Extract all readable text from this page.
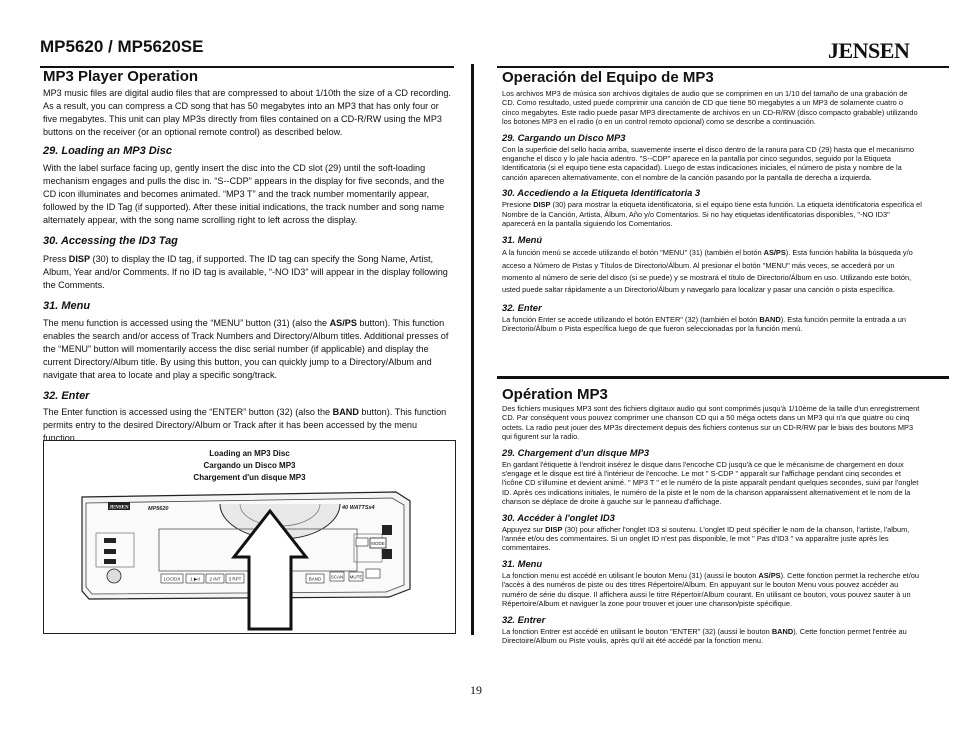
MP5620 / MP5620SE	JENSEN
MP3 Player Operation

MP3 music files are digital audio files that are compressed to about 1/10th the size of a CD recording. As a result, you can compress a CD song that has 50 megabytes into an MP3 that has only four or five megabytes. This unit can play MP3s directly from files contained on a CD-R/RW using the MP3 buttons on the receiver (or an optional remote control) as described below.

29. Loading an MP3 Disc

With the label surface facing up, gently insert the disc into the CD slot (29) until the soft-loading mechanism engages and pulls the disc in. “S--CDP” appears in the display for five seconds, and the CD icon illuminates and becomes animated. “MP3 T” and the track number momentarily appear, followed by the ID Tag (if supported). After these initial indications, the track number and song name alternately appear, with the song name scrolling right to left across the display.

30. Accessing the ID3 Tag

Press DISP (30) to display the ID tag, if supported. The ID tag can specify the Song Name, Artist, Album, Year and/or Comments. If no ID tag is available, “-NO ID3” will appear in the display following the Comments.

31. Menu

The menu function is accessed using the “MENU” button (31) (also the AS/PS button). This function enables the search and/or access of Track Numbers and Directory/Album titles. Additional presses of the “MENU” button will momentarily access the disc serial number (if applicable) and display the current Directory/Album title. By using this button, you can quickly jump to a Directory/Album and navigate that area to locate and play a specific song/track.

32. Enter

The Enter function is accessed using the “ENTER” button (32) (also the BAND button). This function permits entry to the desired Directory/Album or Track after it has been accessed by the menu function.

Loading an MP3 Disc
Cargando un Disco MP3
Chargement d'un disque MP3
JENSEN	MP5620	40 WATTSx4
LOC/DX 1 ▶II 2 INT 3 RPT	BAND SCAN MUTE
MODE
19
Operación del Equipo de MP3

Los archivos MP3 de música son archivos digitales de audio que se comprimen en un 1/10 del tamaño de una grabación de CD. Como resultado, usted puede comprimir una canción de CD que tiene 50 megabytes a un MP3 de solamente cuatro o cinco megabytes. Este radio puede pasar MP3 directamente de archivos en un CD-R/RW (disco compacto grabable) utilizando los botones MP3 en el radio (o en un control remoto opcional) como se describe a continuación.

29. Cargando un Disco MP3

Con la superficie del sello hacia arriba, suavemente inserte el disco dentro de la ranura para CD (29) hasta que el mecanismo enganche el disco y lo jale hacia adentro. "S--CDP" aparece en la pantalla por cinco segundos, seguido por la Etiqueta Identificatoria (si el equipo tiene esta capacidad). Luego de estas indicaciones iniciales, el número de pista y nombre de la canción aparecen alternativamente, con el nombre de la canción pasando por la pantalla de derecha a izquierda.

30. Accediendo a la Etiqueta Identificatoria 3

Presione DISP (30) para mostrar la etiqueta identificatoria, si el equipo tiene esta función. La etiqueta identificatoria especifica el Nombre de la Canción, Artista, Álbum, Año y/o Comentarios. Si no hay etiquetas identificatorias disponibles, "-NO ID3" aparecerá en la pantalla siguiendo los Comentarios.

31. Menú

A la función menú se accede utilizando el botón "MENU" (31) (también el botón AS/PS). Esta función habilita la búsqueda y/o acceso a Número de Pistas y Títulos de Directorio/Álbum. Al presionar el botón "MENU" más veces, se accederá por un momento al número de serie del disco (si se puede) y se mostrará el título de Directorio/Álbum en uso. Utilizando este botón, usted puede saltar rápidamente a un Directorio/Álbum y navegarlo para localizar y pasar una canción o pista específica.

32. Enter

La función Enter se accede utilizando el botón ENTER" (32) (también el botón BAND). Esta función permite la entrada a un Directorio/Álbum o Pista específica luego de que fueron seleccionadas por la función menú.

Opération MP3

Des fichiers musiques MP3 sont des fichiers digitaux audio qui sont comprimés jusqu'à 1/10ème de la taille d'un enregistrement CD. Par conséquent vous pouvez comprimer une chanson CD qui a 50 méga octets dans un MP3 qui n'a que quatre ou cinq octets. La radio peut jouer des MP3s directement depuis des fichiers contenus sur un CD-R/RW par le biais des boutons MP3 qui figurent sur la radio.

29. Chargement d'un disque MP3

En gardant l'étiquette à l'endroit insérez le disque dans l'encoche CD jusqu'à ce que le mécanisme de chargement en doux s'engage et le disque est tiré à l'intérieur de l'encoche. Le mot " S-CDP " apparaît sur l'affichage pendant cinq secondes et l'icône CD s'illumine et devient animé. " MP3 T " et le numéro de la piste apparaît pendant quelques secondes, suivi par l'onglet ID. Après ces indications initiales, le numéro de la piste et le nom de la chanson apparaissent alternativement et le nom de la chanson se déplace de droite à gauche sur le panneau d'affichage.

30. Accéder à l'onglet ID3

Appuyez sur DISP (30) pour afficher l'onglet ID3 si soutenu. L'onglet ID peut spécifier le nom de la chanson, l'artiste, l'album, l'année et/ou des commentaires. Si un onglet ID n'est pas disponible, le mot " Pas d'ID3 " va apparaître juste après les commentaires.

31. Menu

La fonction menu est accédé en utilisant le bouton Menu (31) (aussi le bouton AS/PS). Cette fonction permet la recherche et/ou l'accès à des numéros de piste ou des titres Répertoire/Album. En appuyant sur le bouton Menu vous pouvez accéder au numéro de série du disque. Il affichera aussi le titre Répertoir/Album courant. En utilisant ce bouton, vous pouvez sauter à un Répertoire/Album et naviguer la zone pour trouver et jouer une chanson/piste spécifique.

32. Entrer

La fonction Entrer est accédé en utilisant le bouton "ENTER" (32) (aussi le bouton BAND). Cette fonction permet l'entrée au Directoire/Album ou Piste voulis, après qu'il ait été accédé par la fonction menu.
